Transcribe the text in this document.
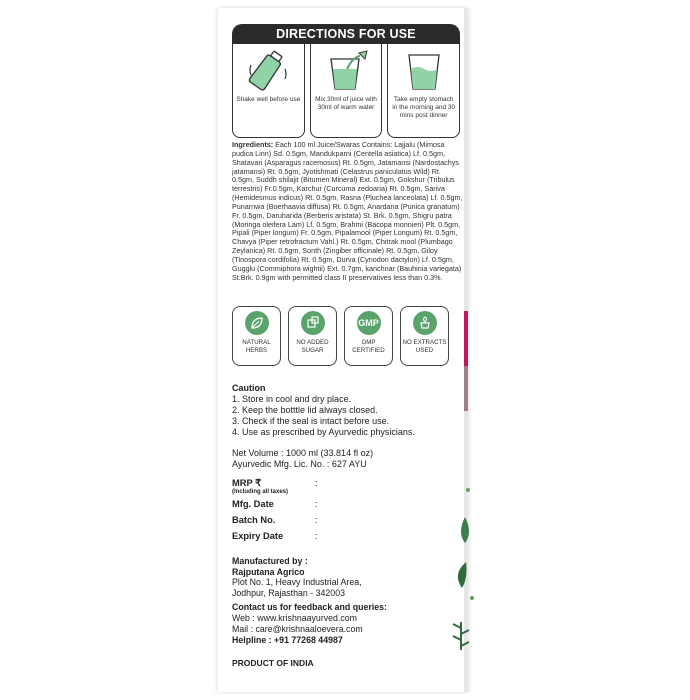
DIRECTIONS FOR USE
Shake well before use	Mix 30ml of juice with 30ml of warm water
Take empty stomach in the morning and 30 mins post dinner
Ingredients: Each 100 ml Juice/Swaras Contains: Lajjalu (Mimosa pudica Linn) Sd. 0.5gm, Mandukparni (Centella asiatica) Lf. 0.5gm, Shatavari (Asparagus racemosus) Rt. 0.5gm, Jatamansi (Nardostachys jatamansi) Rt. 0.5gm, Jyotishmati (Celastrus paniculatus Wild) Rt. 0.5gm, Suddh shilajit (Bitumen Mineral) Ext. 0.5gm, Gokshur (Tribulus terrestris) Fr.0.5gm, Karchur (Curcuma zedoaria) Rt. 0.5gm, Sariva (Hemidesmus indicus) Rt. 0.5gm, Rasna (Pluchea lanceolata) Lf. 0.5gm, Punarnwa (Boerhaavia diffusa) Rt. 0.5gm, Anardana (Punica granatum) Fr. 0.5gm, Daruharida (Berberis aristata) St. Brk. 0.5gm, Shigru patra (Moringa oleifera Lam) Lf. 0.5gm, Brahmi (Bacopa monnieri) Plt. 0.5gm, Pipali (Piper longum) Fr. 0.5gm, Pipalamool (Piper Longum) Rt. 0.5gm, Chavya (Piper retrofractum Vahl.) Rt. 0.5gm, Chitrak mool (Plumbago Zeylanica) Rt. 0.5gm, Sonth (Zingiber officinale) Rt. 0.5gm, Giloy (Tinospora cordifolia) Rt. 0.5gm, Durva (Cynodon dactylon) Lf. 0.5gm, Gugglu (Commiphora wightii) Ext. 0.7gm, kanchnar (Bauhinia variegata) St.Brk. 0.9gm with permitted class II preservatives less than 0.3%.
NATURAL HERBS
NO ADDED SUGAR
GMP
GMP CERTIFIED
NO EXTRACTS USED
Caution
1. Store in cool and dry place.
2. Keep the botttle lid always closed.
3. Check if the seal is intact before use.
4. Use as prescribed by Ayurvedic physicians.
Net Volume : 1000 ml (33.814 fl oz)
Ayurvedic Mfg. Lic. No. : 627 AYU
MRP ₹
(Including all taxes)
:
Mfg. Date	:
Batch No.	:
Expiry Date	:
Manufactured by :
Rajputana Agrico
Plot No. 1, Heavy Industrial Area,
Jodhpur, Rajasthan - 342003
Contact us for feedback and queries:
Web : www.krishnaayurved.com
Mail : care@krishnaaloevera.com
Helpline : +91 77268 44987
PRODUCT OF INDIA
